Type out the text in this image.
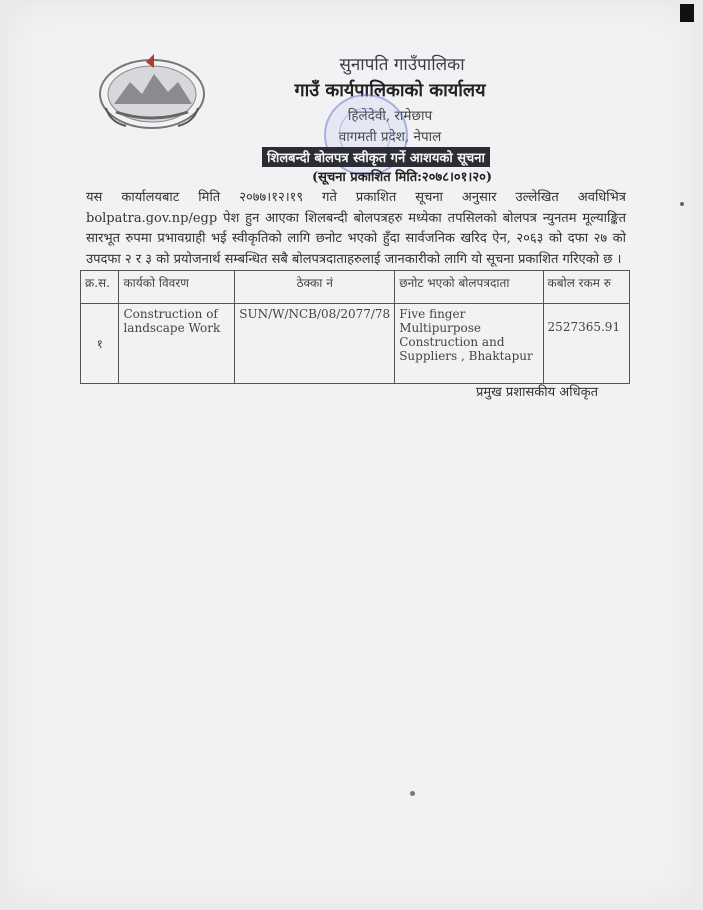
सुनापति गाउँपालिका
गाउँ कार्यपालिकाको कार्यालय
हिलेदेवी, रामेछाप
वागमती प्रदेश, नेपाल
शिलबन्दी बोलपत्र स्वीकृत गर्ने आशयको सूचना
(सूचना प्रकाशित मिति:२०७८।०१।२०)
यस कार्यालयबाट मिति २०७७।१२।१९ गते प्रकाशित सूचना अनुसार उल्लेखित अवधिभित्र bolpatra.gov.np/egp पेश हुन आएका शिलबन्दी बोलपत्रहरु मध्येका तपसिलको बोलपत्र न्युनतम मूल्याङ्कित सारभूत रुपमा प्रभावग्राही भई स्वीकृतिको लागि छनोट भएको हुँदा सार्वजनिक खरिद ऐन, २०६३ को दफा २७ को उपदफा २ र ३ को प्रयोजनार्थ सम्बन्धित सबै बोलपत्रदाताहरुलाई जानकारीको लागि यो सूचना प्रकाशित गरिएको छ ।
क्र.स.	कार्यको विवरण	ठेक्का नं	छनोट भएको बोलपत्रदाता	कबोल रकम रु
१	Construction of landscape Work	SUN/W/NCB/08/2077/78	Five finger Multipurpose Construction and Suppliers , Bhaktapur	2527365.91
प्रमुख प्रशासकीय अधिकृत
